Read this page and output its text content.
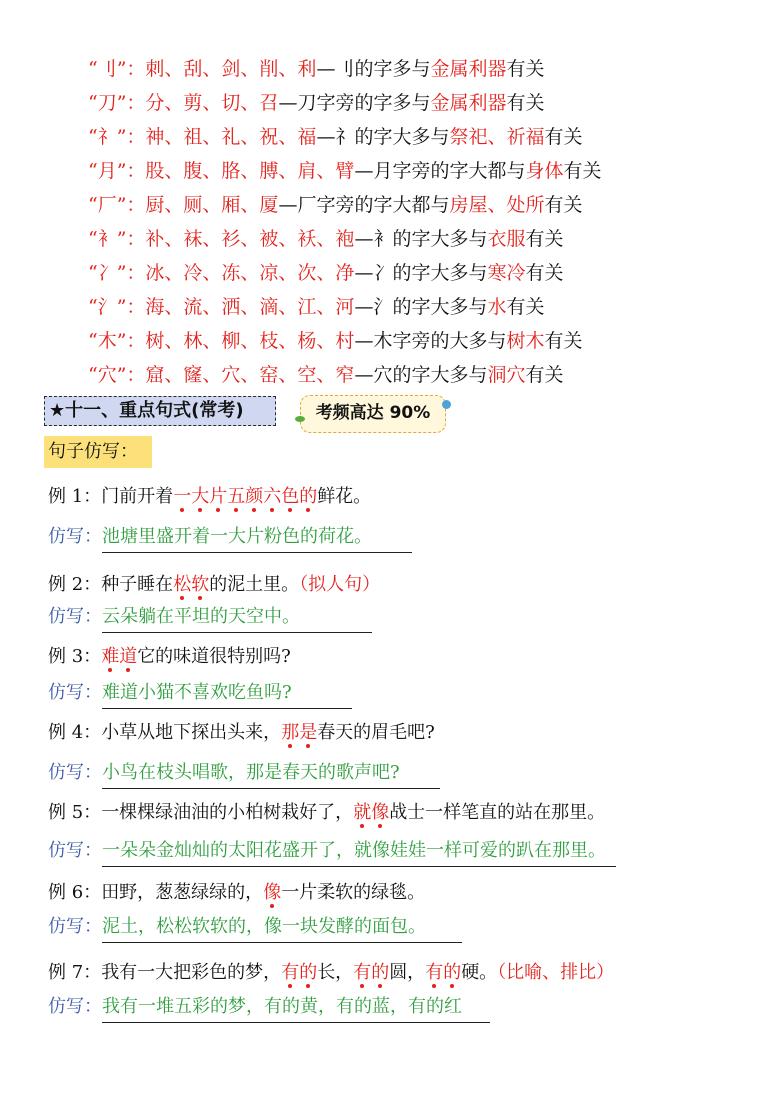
“刂”：刺、刮、剑、削、利—刂的字多与金属利器有关
“刀”：分、剪、切、召—刀字旁的字多与金属利器有关
“礻”：神、祖、礼、祝、福—礻的字大多与祭祀、祈福有关
“月”：股、腹、胳、膊、肩、臂—月字旁的字大都与身体有关
“厂”：厨、厕、厢、厦—厂字旁的字大都与房屋、处所有关
“衤”：补、袜、衫、被、袄、袍—衤的字大多与衣服有关
“冫”：冰、冷、冻、凉、次、净—冫的字大多与寒冷有关
“氵”：海、流、洒、滴、江、河—氵的字大多与水有关
“木”：树、林、柳、枝、杨、村—木字旁的大多与树木有关
“穴”：窟、窿、穴、窑、空、窄—穴的字大多与洞穴有关
★十一、重点句式(常考)	考频高达 90%
句子仿写：
例 1：门前开着一大片五颜六色的鲜花。
仿写：池塘里盛开着一大片粉色的荷花。
例 2：种子睡在松软的泥土里。（拟人句）
仿写：云朵躺在平坦的天空中。
例 3：难道它的味道很特别吗?
仿写：难道小猫不喜欢吃鱼吗?
例 4：小草从地下探出头来，那是春天的眉毛吧?
仿写：小鸟在枝头唱歌，那是春天的歌声吧?
例 5：一棵棵绿油油的小柏树栽好了，就像战士一样笔直的站在那里。
仿写：一朵朵金灿灿的太阳花盛开了，就像娃娃一样可爱的趴在那里。
例 6：田野，葱葱绿绿的，像一片柔软的绿毯。
仿写：泥土，松松软软的，像一块发酵的面包。
例 7：我有一大把彩色的梦，有的长，有的圆，有的硬。（比喻、排比）
仿写：我有一堆五彩的梦，有的黄，有的蓝，有的红
